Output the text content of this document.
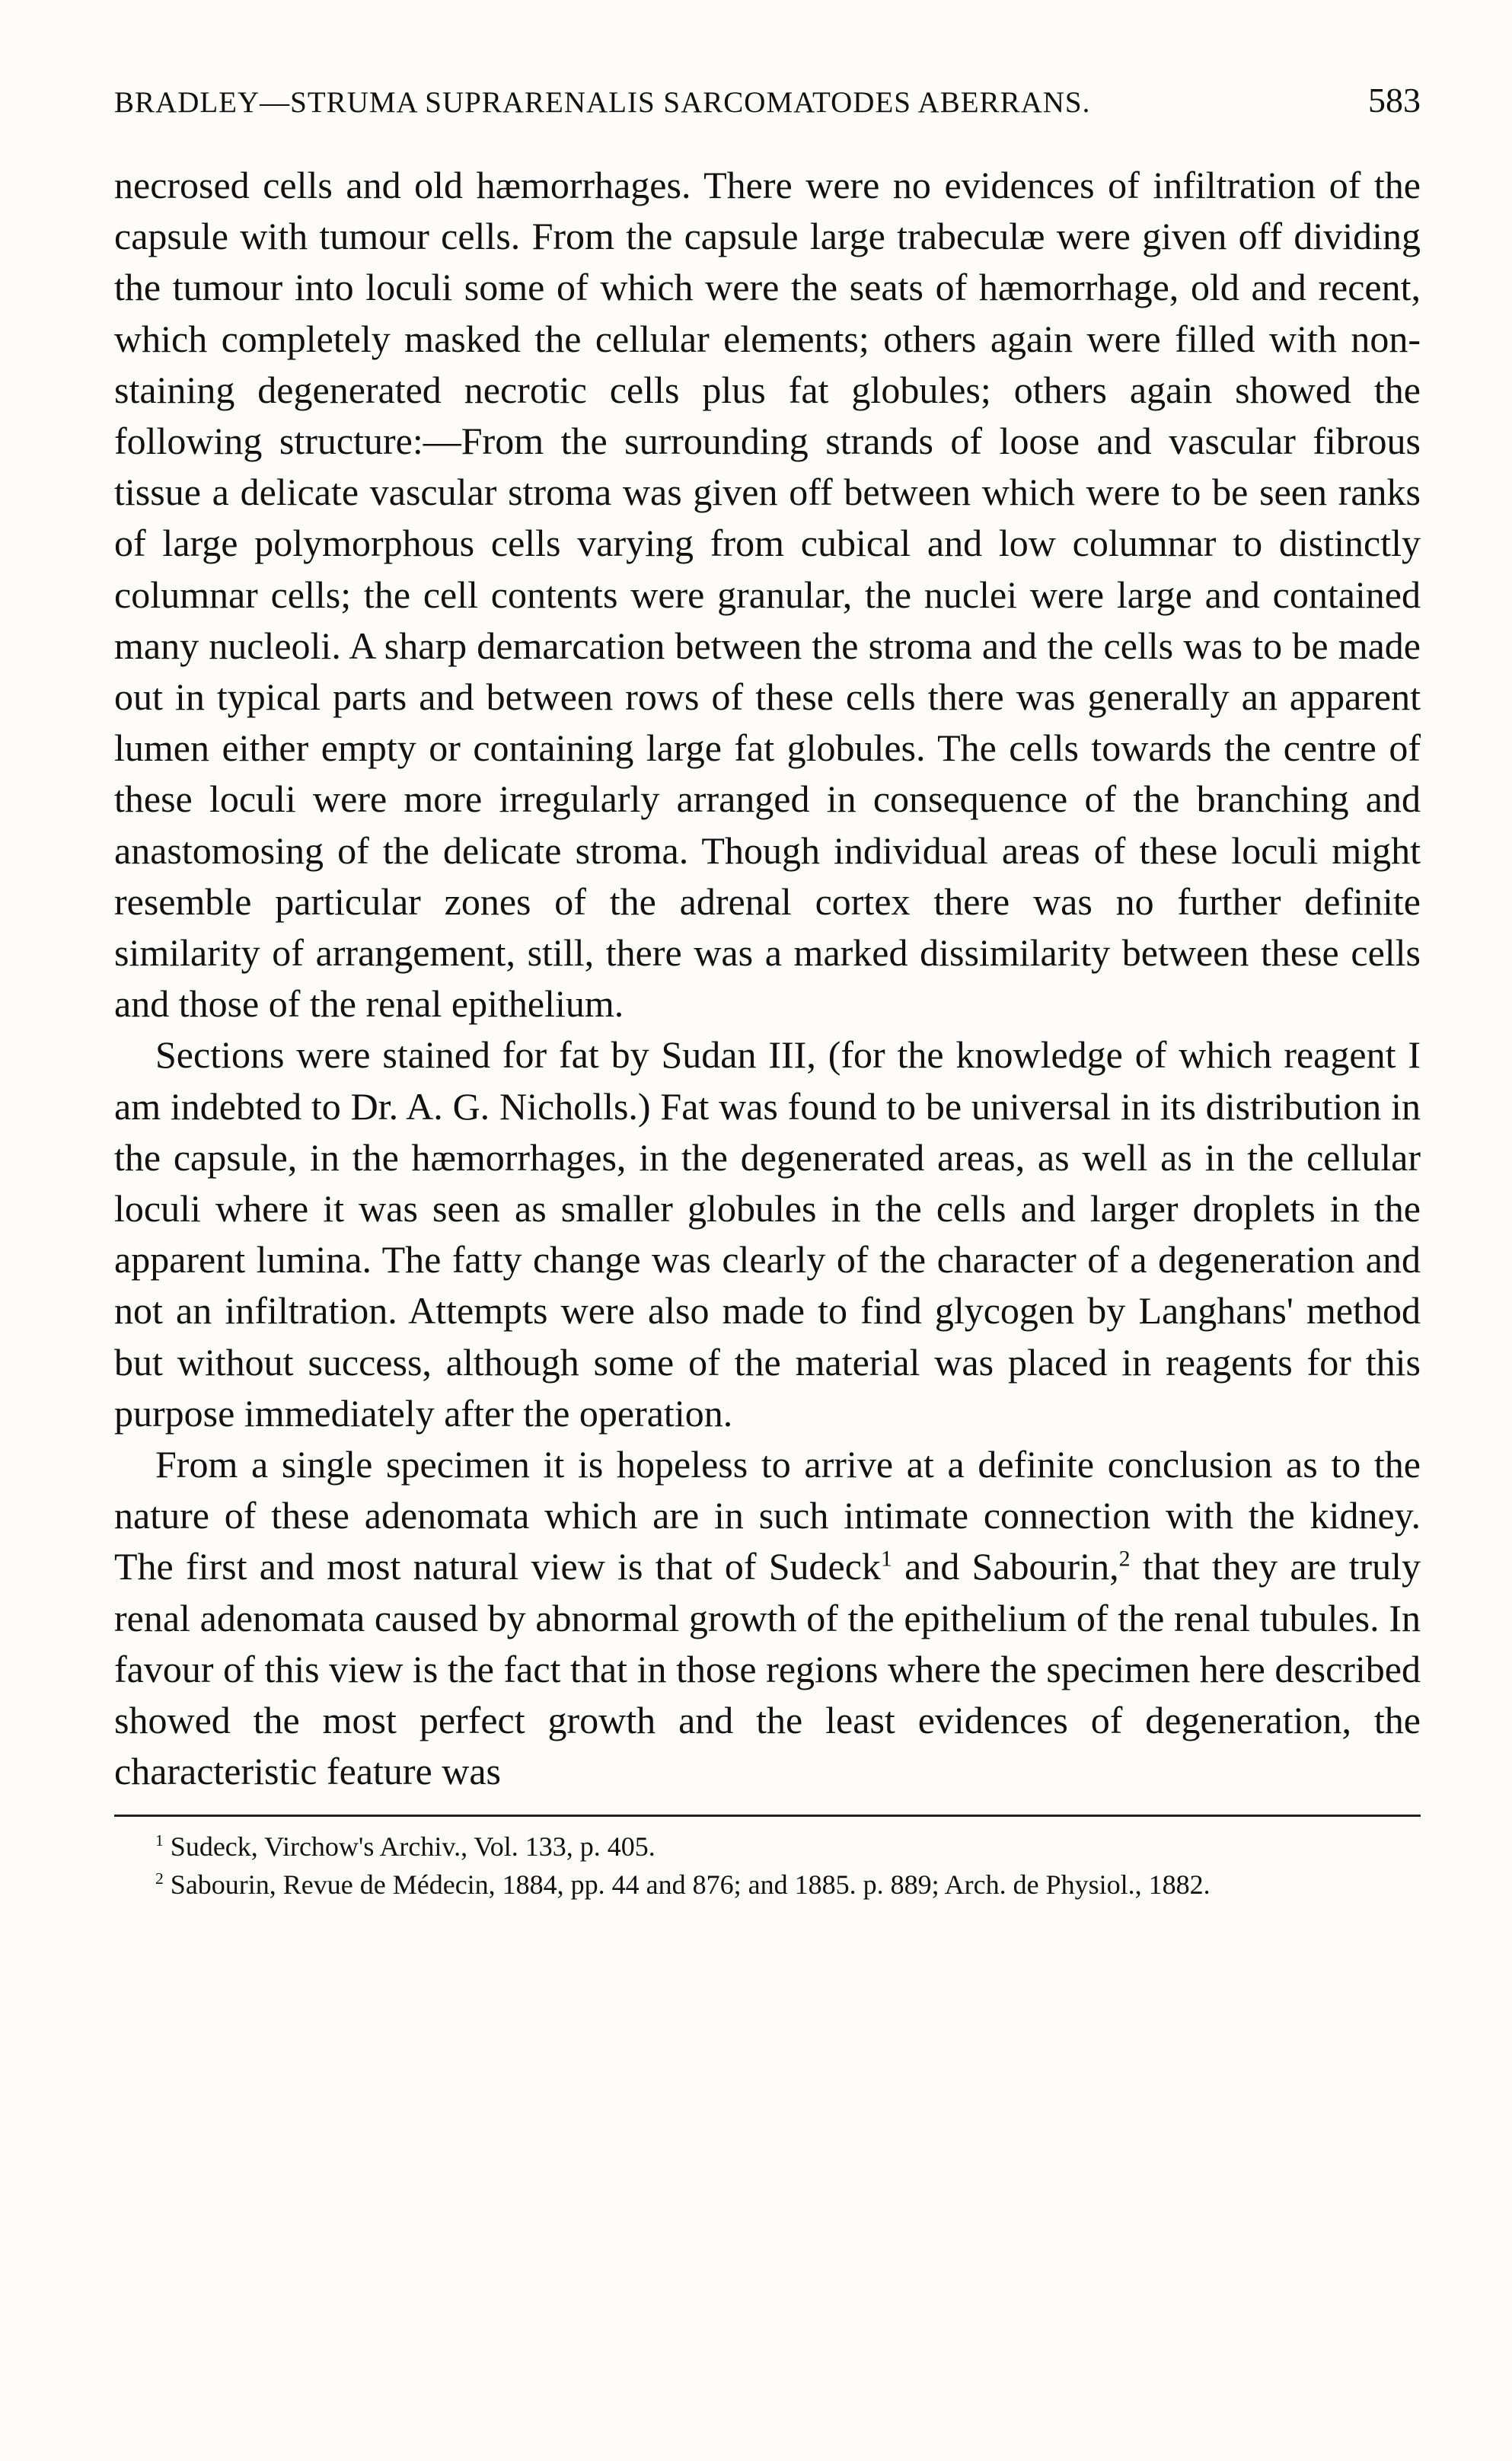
BRADLEY—STRUMA SUPRARENALIS SARCOMATODES ABERRANS.	583

necrosed cells and old hæmorrhages. There were no evidences of infiltration of the capsule with tumour cells. From the capsule large trabeculæ were given off dividing the tumour into loculi some of which were the seats of hæmorrhage, old and recent, which completely masked the cellular elements; others again were filled with non-staining degenerated necrotic cells plus fat globules; others again showed the following structure:—From the surrounding strands of loose and vascular fibrous tissue a delicate vascular stroma was given off between which were to be seen ranks of large polymorphous cells varying from cubical and low columnar to distinctly columnar cells; the cell contents were granular, the nuclei were large and contained many nucleoli. A sharp demarcation between the stroma and the cells was to be made out in typical parts and between rows of these cells there was generally an apparent lumen either empty or containing large fat globules. The cells towards the centre of these loculi were more irregularly arranged in consequence of the branching and anastomosing of the delicate stroma. Though individual areas of these loculi might resemble particular zones of the adrenal cortex there was no further definite similarity of arrangement, still, there was a marked dissimilarity between these cells and those of the renal epithelium.

Sections were stained for fat by Sudan III, (for the knowledge of which reagent I am indebted to Dr. A. G. Nicholls.) Fat was found to be universal in its distribution in the capsule, in the hæmorrhages, in the degenerated areas, as well as in the cellular loculi where it was seen as smaller globules in the cells and larger droplets in the apparent lumina. The fatty change was clearly of the character of a degeneration and not an infiltration. Attempts were also made to find glycogen by Langhans' method but without success, although some of the material was placed in reagents for this purpose immediately after the operation.

From a single specimen it is hopeless to arrive at a definite conclusion as to the nature of these adenomata which are in such intimate connection with the kidney. The first and most natural view is that of Sudeck$^1$ and Sabourin,$^2$ that they are truly renal adenomata caused by abnormal growth of the epithelium of the renal tubules. In favour of this view is the fact that in those regions where the specimen here described showed the most perfect growth and the least evidences of degeneration, the characteristic feature was

$^1$ Sudeck, Virchow's Archiv., Vol. 133, p. 405.
$^2$ Sabourin, Revue de Médecin, 1884, pp. 44 and 876; and 1885. p. 889; Arch. de Physiol., 1882.
